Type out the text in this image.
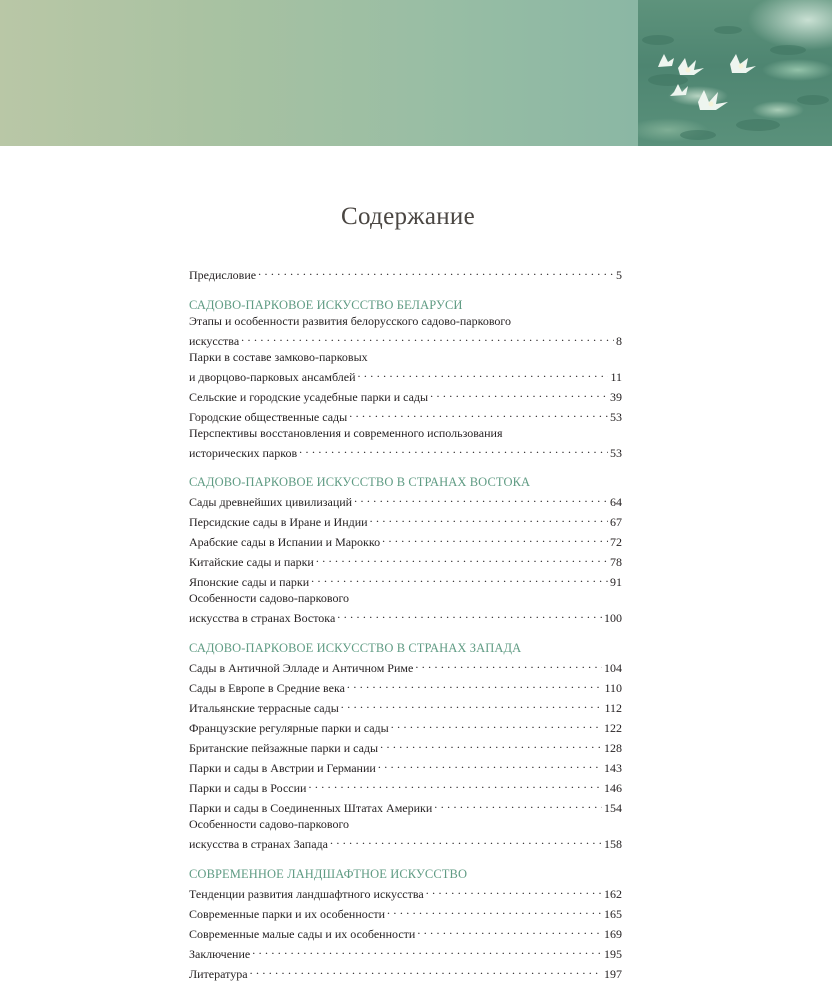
Содержание
Предисловие . . .	5
САДОВО-ПАРКОВОЕ ИСКУССТВО БЕЛАРУСИ
Этапы и особенности развития белорусского садово-паркового
искусства . . .	8
Парки в составе замково-парковых
и дворцово-парковых ансамблей . . .	11
Сельские и городские усадебные парки и сады . . .	39
Городские общественные сады . . .	53
Перспективы восстановления и современного использования
исторических парков . . .	53
САДОВО-ПАРКОВОЕ ИСКУССТВО В СТРАНАХ ВОСТОКА
Сады древнейших цивилизаций . . .	64
Персидские сады в Иране и Индии . . .	67
Арабские сады в Испании и Марокко . . .	72
Китайские сады и парки . . .	78
Японские сады и парки . . .	91
Особенности садово-паркового
искусства в странах Востока . . .	100
САДОВО-ПАРКОВОЕ ИСКУССТВО В СТРАНАХ ЗАПАДА
Сады в Античной Элладе и Античном Риме . . .	104
Сады в Европе в Средние века . . .	110
Итальянские террасные сады . . .	112
Французские регулярные парки и сады . . .	122
Британские пейзажные парки и сады . . .	128
Парки и сады в Австрии и Германии . . .	143
Парки и сады в России . . .	146
Парки и сады в Соединенных Штатах Америки . . .	154
Особенности садово-паркового
искусства в странах Запада . . .	158
СОВРЕМЕННОЕ ЛАНДШАФТНОЕ ИСКУССТВО
Тенденции развития ландшафтного искусства . . .	162
Современные парки и их особенности . . .	165
Современные малые сады и их особенности . . .	169
Заключение . . .	195
Литература . . .	197
